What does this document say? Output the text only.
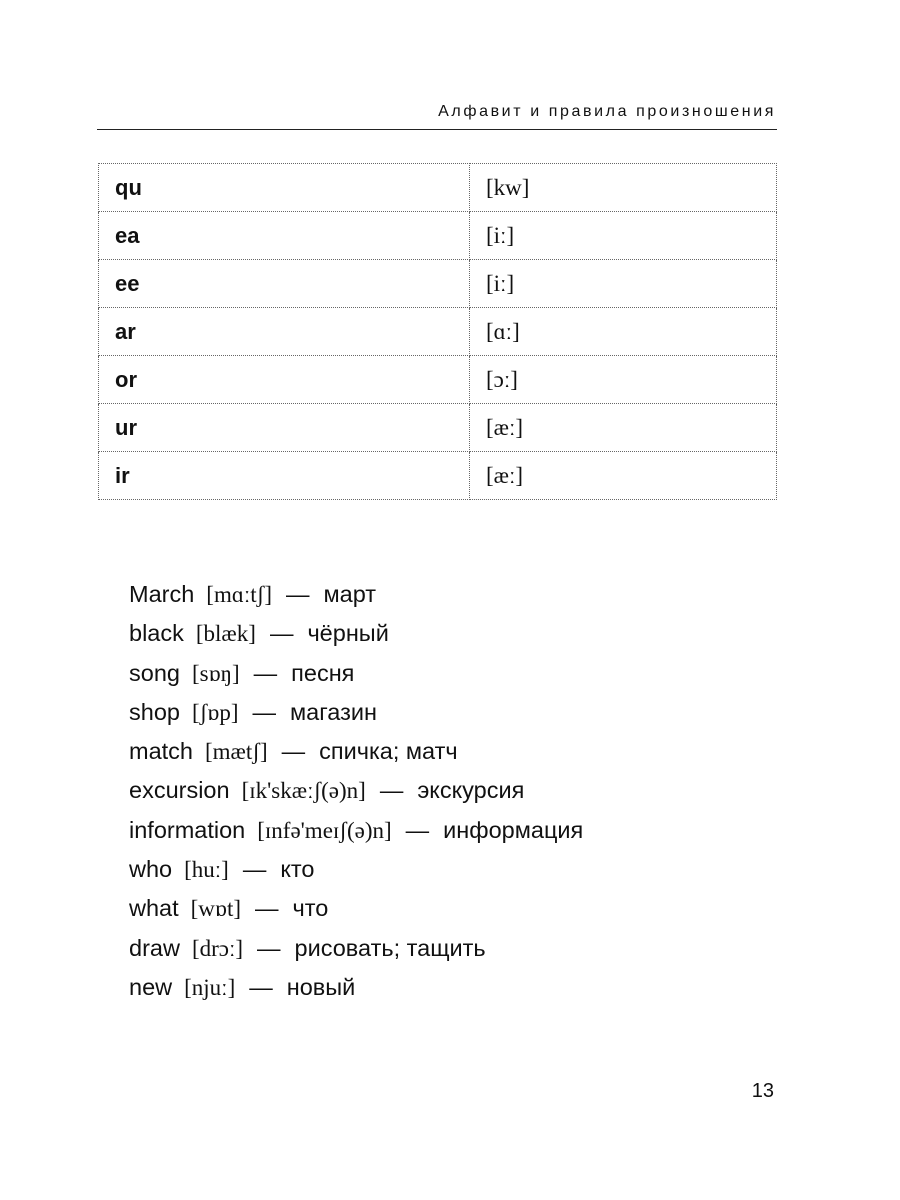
Алфавит и правила произношения
qu	[kw]
ea	[iː]
ee	[iː]
ar	[ɑː]
or	[ɔː]
ur	[æː]
ir	[æː]
March [mɑːtʃ] — март
black [blæk] — чёрный
song [sɒŋ] — песня
shop [ʃɒp] — магазин
match [mætʃ] — спичка; матч
excursion [ɪk'skæːʃ(ə)n] — экскурсия
information [ɪnfə'meɪʃ(ə)n] — информация
who [huː] — кто
what [wɒt] — что
draw [drɔː] — рисовать; тащить
new [njuː] — новый
13
